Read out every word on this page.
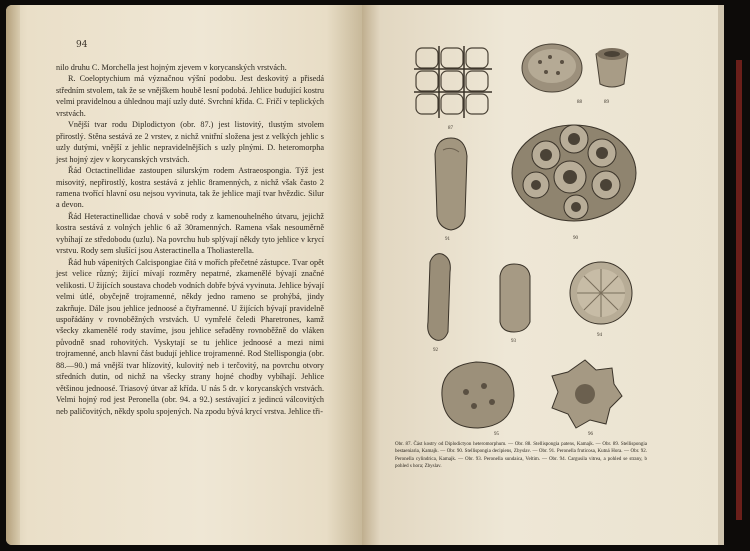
94

nilo druhu C. Morchella jest hojným zjevem v korycanských vrstvách.

R. Coeloptychium má význačnou výšní podobu. Jest deskovitý a přisedá středním stvolem, tak že se vnějškem houbě lesní podobá. Jehlice budující kostru velmi pravidelnou a úhlednou mají uzly duté. Svrchní křída. C. Fričí v teplických vrstvách.

Vnější tvar rodu Diplodictyon (obr. 87.) jest listovitý, tlustým stvolem přirostlý. Stěna sestává ze 2 vrstev, z nichž vnitřní složena jest z velkých jehlic s uzly dutými, vnější z jehlic nepravidelnějších s uzly plnými. D. heteromorpha jest hojný zjev v korycanských vrstvách.

Řád Octactinellidae zastoupen silurským rodem Astraeospongia. Týž jest misovitý, nepřirostlý, kostra sestává z jehlic 8ramenných, z nichž však často 2 ramena tvořící hlavní osu nejsou vyvinuta, tak že jehlice mají tvar hvězdic. Silur a devon.

Řád Heteractinellidae chová v sobě rody z kamenouhelného útvaru, jejichž kostra sestává z volných jehlic 6 až 30ramenných. Ramena však nesouměrně vybíhají ze středobodu (uzlu). Na povrchu hub splývají někdy tyto jehlice v krycí vrstvu. Rody sem slušící jsou Asteractinella a Tholiasterella.

Řád hub vápenitých Calcispongiae čítá v mořích přečetné zástupce. Tvar opět jest velice různý; žijící mívají rozměry nepatrné, zkamenělé bývají značné velikosti. U žijících soustava chodeb vodních dobře bývá vyvinuta. Jehlice bývají velmi útlé, obyčejně trojramenné, někdy jedno rameno se prohýbá, jindy zakrňuje. Dále jsou jehlice jednoosé a čtyřramenné. U žijících bývají pravidelně uspořádány v rovnoběžných vrstvách. U vymřelé čeledi Pharetrones, kamž všecky zkamenělé rody stavíme, jsou jehlice seřaděny rovnoběžně do vláken původně snad rohovitých. Vyskytají se tu jehlice jednoosé a mezi nimi trojramenné, ancb hlavní část budují jehlice trojramenné. Rod Stellispongia (obr. 88.—90.) má vnější tvar hlízovitý, kulovitý neb i terčovitý, na povrchu otvory středních dutin, od nichž na všecky strany hojné chodby vybíhají. Jehlice většinou jednoosé. Triasový útvar až křída. U nás 5 dr. v korycanských vrstvách. Velmi hojný rod jest Peronella (obr. 94. a 92.) sestávající z jedincú válcovitých neb paličovitých, někdy spolu spojených. Na zpodu bývá krycí vrstva. Jehlice tři-

87
88	89
90
91
92
93
94
95	96
Obr. 87. Část kostry od Diplodictyon heteromorphum. — Obr. 88. Stellispongia patens, Kamajk. — Obr. 89. Stellispongia bestaeniaria, Kamajk. — Obr. 90. Stellispongia decipiens, Zbyslav. — Obr. 91. Peronella fruticosa, Kutná Hora. — Obr. 92. Peronella cylindrica, Kamajk. — Obr. 93. Peronella sundaica, Veltim. — Obr. 94. Cargusila vitrea, a pohled se strany, b pohled s hora; Zbyslav.
